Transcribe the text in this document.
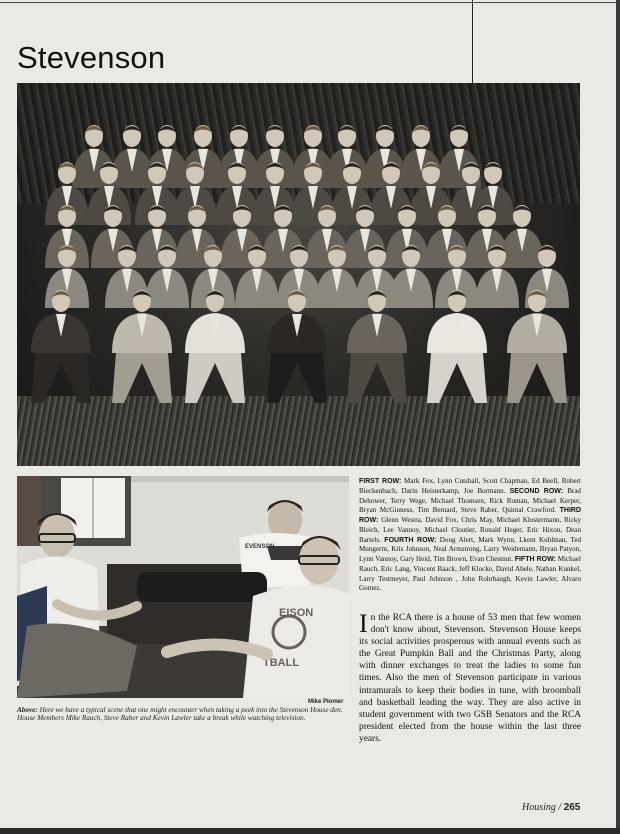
Stevenson
EISON
TBALL
EVENSON

Mike Plomer

Above: Here we have a typical scene that one might encounter when taking a peek into the Stevenson House den. House Members Mike Rauch, Steve Raber and Kevin Lawler take a break while watching television.

FIRST ROW: Mark Fox, Lynn Cutshall, Scott Chapman, Ed Beell, Robert Bieckenbach, Darin Heisterkamp, Joe Bormann. SECOND ROW: Brad Dehower, Terry Wege, Michael Thomsen, Rick Roman, Michael Kerper, Bryan McGinness, Tim Bernard, Steve Raber, Quintal Crawford. THIRD ROW: Glenn Westra, David Fox, Chris May, Michael Klostermann, Ricky Bleich, Lee Vannoy, Michael Cloutier, Ronald Heger, Eric Hixon, Dean Bartels. FOURTH ROW: Doug Alert, Mark Wynn, Lkent Kuhlman, Ted Mungerm, Kris Johnson, Neal Armstrong, Larry Weidemann, Bryan Patyon, Lynn Vannoy, Gary Heid, Tim Brown, Evan Chestnut. FIFTH ROW: Michael Rauch, Eric Lang, Vincent Baack, Jeff Klocke, David Abele, Nathan Kunkel, Larry Testmeyer, Paul Johnson , John Rohrbaugh, Kevin Lawler, Alvaro Gomez.

In the RCA there is a house of 53 men that few women don't know about, Stevenson. Stevenson House keeps its social activities prosperous with annual events such as the Great Pumpkin Ball and the Christmas Party, along with dinner exchanges to treat the ladies to some fun times. Also the men of Stevenson participate in various intramurals to keep their bodies in tune, with broomball and basketball leading the way. They are also active in student government with two GSB Senators and the RCA president elected from the house within the last three years.

Housing / 265
